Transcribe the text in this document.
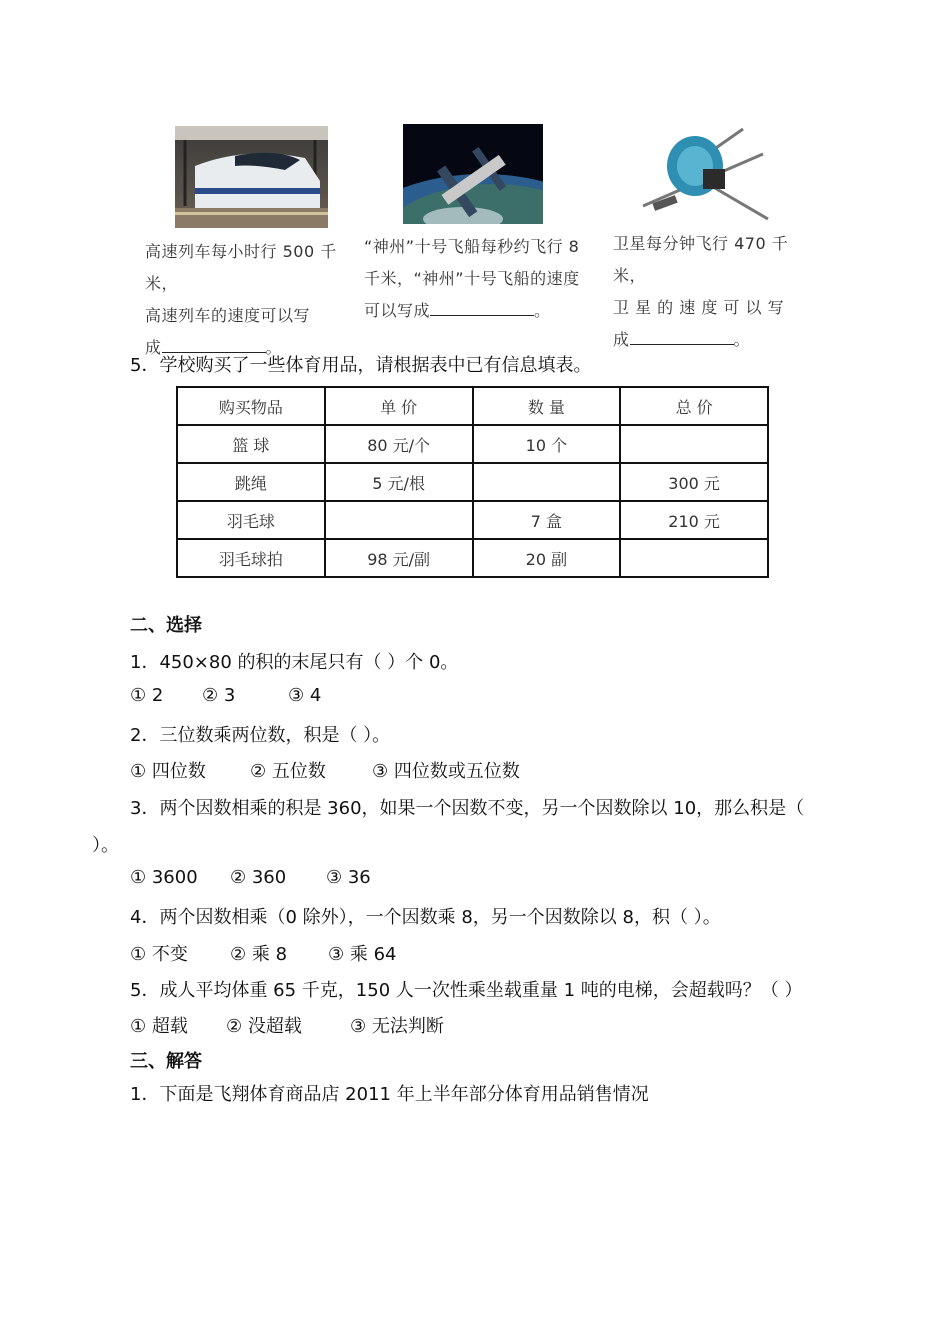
高速列车每小时行 500 千米，
高速列车的速度可以写
成	。
“神州”十号飞船每秒约飞行 8
千米，“神州”十号飞船的速度
可以写成	。
卫星每分钟飞行 470 千米，
卫 星 的 速 度 可 以 写
成	。
5．学校购买了一些体育用品，请根据表中已有信息填表。
购买物品	单 价	数 量	总 价
篮 球	80 元/个	10 个	
跳绳	5 元/根		300 元
羽毛球		7 盒	210 元
羽毛球拍	98 元/副	20 副	
二、选择
1．450×80 的积的末尾只有（ ）个 0。
① 2 ② 3	③ 4
2．三位数乘两位数，积是（ ）。
① 四位数 ② 五位数	③ 四位数或五位数
3．两个因数相乘的积是 360，如果一个因数不变，另一个因数除以 10，那么积是（
）。
① 3600 ② 360 ③ 36
4．两个因数相乘（0 除外），一个因数乘 8，另一个因数除以 8，积（ ）。
① 不变 ② 乘 8 ③ 乘 64
5．成人平均体重 65 千克，150 人一次性乘坐载重量 1 吨的电梯，会超载吗？（ ）
① 超载 ② 没超载	③ 无法判断
三、解答
1．下面是飞翔体育商品店 2011 年上半年部分体育用品销售情况
